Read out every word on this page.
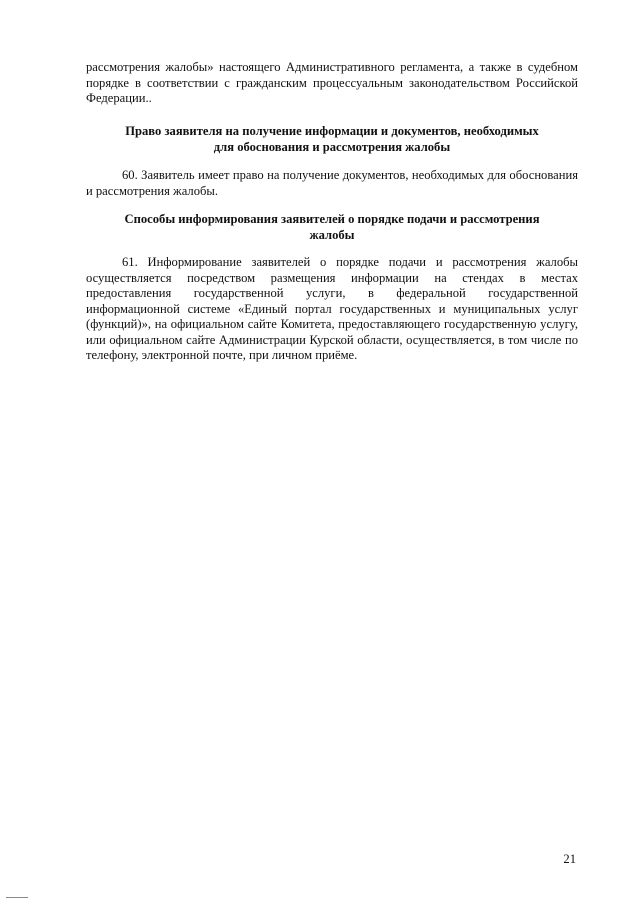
рассмотрения жалобы» настоящего Административного регламента, а также в судебном порядке в соответствии с гражданским процессуальным законодательством Российской Федерации..

Право заявителя на получение информации и документов, необходимых
для обоснования и рассмотрения жалобы

60. Заявитель имеет право на получение документов, необходимых для обоснования и рассмотрения жалобы.

Способы информирования заявителей о порядке подачи и рассмотрения
жалобы

61. Информирование заявителей о порядке подачи и рассмотрения жалобы осуществляется посредством размещения информации на стендах в местах предоставления государственной услуги, в федеральной государственной информационной системе «Единый портал государственных и муниципальных услуг (функций)», на официальном сайте Комитета, предоставляющего государственную услугу, или официальном сайте Администрации Курской области, осуществляется, в том числе по телефону, электронной почте, при личном приёме.

21
